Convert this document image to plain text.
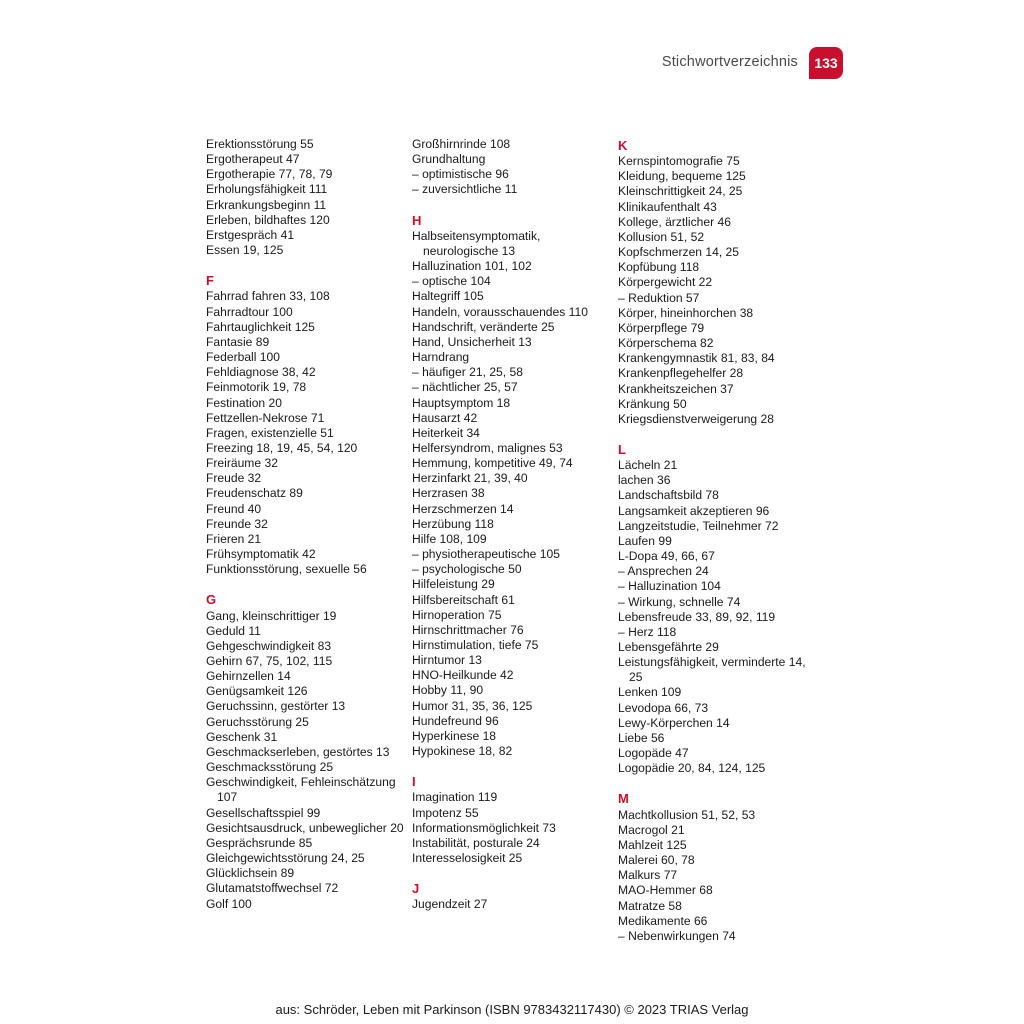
Stichwortverzeichnis 133
Erektionsstörung 55
Ergotherapeut 47
Ergotherapie 77, 78, 79
Erholungsfähigkeit 111
Erkrankungsbeginn 11
Erleben, bildhaftes 120
Erstgespräch 41
Essen 19, 125
F
Fahrrad fahren 33, 108
Fahrradtour 100
Fahrtauglichkeit 125
Fantasie 89
Federball 100
Fehldiagnose 38, 42
Feinmotorik 19, 78
Festination 20
Fettzellen-Nekrose 71
Fragen, existenzielle 51
Freezing 18, 19, 45, 54, 120
Freiräume 32
Freude 32
Freudenschatz 89
Freund 40
Freunde 32
Frieren 21
Frühsymptomatik 42
Funktionsstörung, sexuelle 56
G
Gang, kleinschrittiger 19
Geduld 11
Gehgeschwindigkeit 83
Gehirn 67, 75, 102, 115
Gehirnzellen 14
Genügsamkeit 126
Geruchssinn, gestörter 13
Geruchsstörung 25
Geschenk 31
Geschmackserleben, gestörtes 13
Geschmacksstörung 25
Geschwindigkeit, Fehleinschätzung 107
Gesellschaftsspiel 99
Gesichtsausdruck, unbeweglicher 20
Gesprächsrunde 85
Gleichgewichtsstörung 24, 25
Glücklichsein 89
Glutamatstoffwechsel 72
Golf 100
Großhirnrinde 108
Grundhaltung
– optimistische 96
– zuversichtliche 11
H
Halbseitensymptomatik, neurologische 13
Halluzination 101, 102
– optische 104
Haltegriff 105
Handeln, vorausschauendes 110
Handschrift, veränderte 25
Hand, Unsicherheit 13
Harndrang
– häufiger 21, 25, 58
– nächtlicher 25, 57
Hauptsymptom 18
Hausarzt 42
Heiterkeit 34
Helfersyndrom, malignes 53
Hemmung, kompetitive 49, 74
Herzinfarkt 21, 39, 40
Herzrasen 38
Herzschmerzen 14
Herzübung 118
Hilfe 108, 109
– physiotherapeutische 105
– psychologische 50
Hilfeleistung 29
Hilfsbereitschaft 61
Hirnoperation 75
Hirnschrittmacher 76
Hirnstimulation, tiefe 75
Hirntumor 13
HNO-Heilkunde 42
Hobby 11, 90
Humor 31, 35, 36, 125
Hundefreund 96
Hyperkinese 18
Hypokinese 18, 82
I
Imagination 119
Impotenz 55
Informationsmöglichkeit 73
Instabilität, posturale 24
Interesselosigkeit 25
J
Jugendzeit 27
K
Kernspintomografie 75
Kleidung, bequeme 125
Kleinschrittigkeit 24, 25
Klinikaufenthalt 43
Kollege, ärztlicher 46
Kollusion 51, 52
Kopfschmerzen 14, 25
Kopfübung 118
Körpergewicht 22
– Reduktion 57
Körper, hineinhorchen 38
Körperpflege 79
Körperschema 82
Krankengymnastik 81, 83, 84
Krankenpflegehelfer 28
Krankheitszeichen 37
Kränkung 50
Kriegsdienstverweigerung 28
L
Lächeln 21
lachen 36
Landschaftsbild 78
Langsamkeit akzeptieren 96
Langzeitstudie, Teilnehmer 72
Laufen 99
L-Dopa 49, 66, 67
– Ansprechen 24
– Halluzination 104
– Wirkung, schnelle 74
Lebensfreude 33, 89, 92, 119
– Herz 118
Lebensgefährte 29
Leistungsfähigkeit, verminderte 14, 25
Lenken 109
Levodopa 66, 73
Lewy-Körperchen 14
Liebe 56
Logopäde 47
Logopädie 20, 84, 124, 125
M
Machtkollusion 51, 52, 53
Macrogol 21
Mahlzeit 125
Malerei 60, 78
Malkurs 77
MAO-Hemmer 68
Matratze 58
Medikamente 66
– Nebenwirkungen 74
aus: Schröder, Leben mit Parkinson (ISBN 9783432117430) © 2023 TRIAS Verlag
